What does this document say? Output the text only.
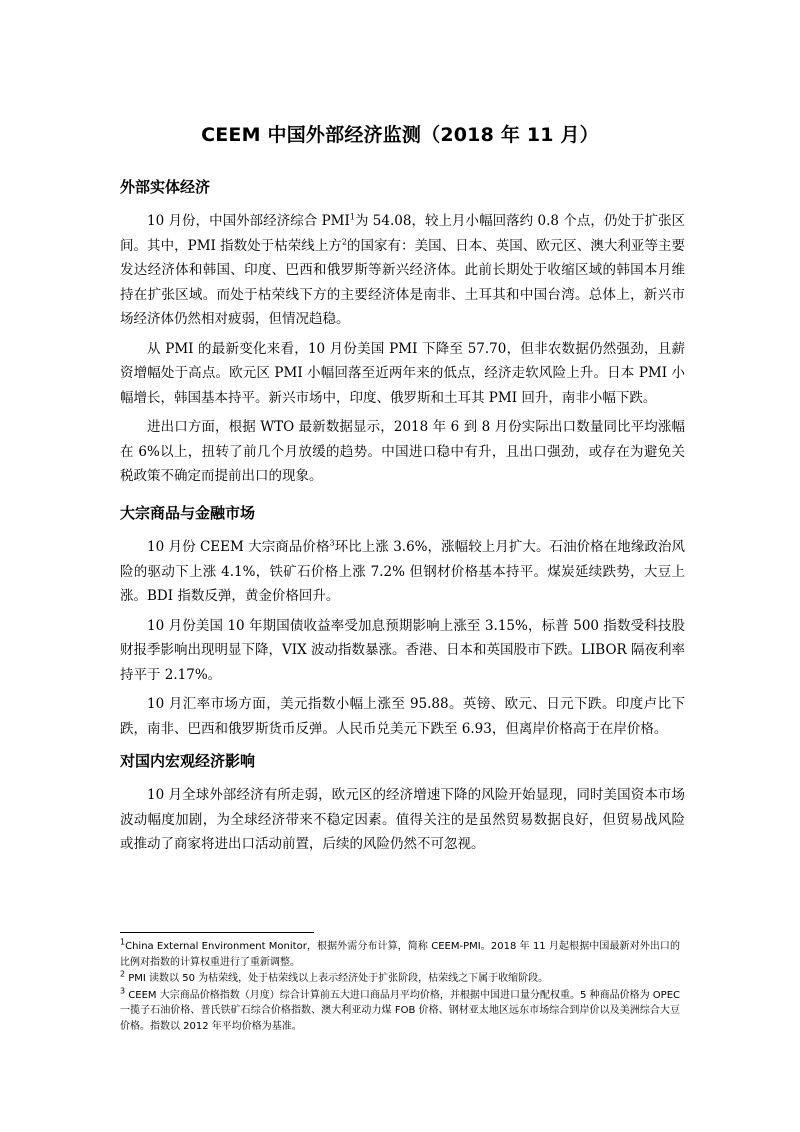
CEEM 中国外部经济监测（2018 年 11 月）
外部实体经济

10 月份，中国外部经济综合 PMI$^1$为 54.08，较上月小幅回落约 0.8 个点，仍处于扩张区间。其中，PMI 指数处于枯荣线上方$^2$的国家有：美国、日本、英国、欧元区、澳大利亚等主要发达经济体和韩国、印度、巴西和俄罗斯等新兴经济体。此前长期处于收缩区域的韩国本月维持在扩张区域。而处于枯荣线下方的主要经济体是南非、土耳其和中国台湾。总体上，新兴市场经济体仍然相对疲弱，但情况趋稳。

从 PMI 的最新变化来看，10 月份美国 PMI 下降至 57.70，但非农数据仍然强劲，且薪资增幅处于高点。欧元区 PMI 小幅回落至近两年来的低点，经济走软风险上升。日本 PMI 小幅增长，韩国基本持平。新兴市场中，印度、俄罗斯和土耳其 PMI 回升，南非小幅下跌。

进出口方面，根据 WTO 最新数据显示，2018 年 6 到 8 月份实际出口数量同比平均涨幅在 6%以上，扭转了前几个月放缓的趋势。中国进口稳中有升，且出口强劲，或存在为避免关税政策不确定而提前出口的现象。

大宗商品与金融市场

10 月份 CEEM 大宗商品价格$^3$环比上涨 3.6%，涨幅较上月扩大。石油价格在地缘政治风险的驱动下上涨 4.1%，铁矿石价格上涨 7.2% 但钢材价格基本持平。煤炭延续跌势，大豆上涨。BDI 指数反弹，黄金价格回升。

10 月份美国 10 年期国债收益率受加息预期影响上涨至 3.15%，标普 500 指数受科技股财报季影响出现明显下降，VIX 波动指数暴涨。香港、日本和英国股市下跌。LIBOR 隔夜利率持平于 2.17%。

10 月汇率市场方面，美元指数小幅上涨至 95.88。英镑、欧元、日元下跌。印度卢比下跌，南非、巴西和俄罗斯货币反弹。人民币兑美元下跌至 6.93，但离岸价格高于在岸价格。

对国内宏观经济影响

10 月全球外部经济有所走弱，欧元区的经济增速下降的风险开始显现，同时美国资本市场波动幅度加剧，为全球经济带来不稳定因素。值得关注的是虽然贸易数据良好，但贸易战风险或推动了商家将进出口活动前置，后续的风险仍然不可忽视。

$^1$China External Environment Monitor，根据外需分布计算，简称 CEEM-PMI。2018 年 11 月起根据中国最新对外出口的比例对指数的计算权重进行了重新调整。

$^2$ PMI 读数以 50 为枯荣线，处于枯荣线以上表示经济处于扩张阶段，枯荣线之下属于收缩阶段。

$^3$ CEEM 大宗商品价格指数（月度）综合计算前五大进口商品月平均价格，并根据中国进口量分配权重。5 种商品价格为 OPEC 一揽子石油价格、普氏铁矿石综合价格指数、澳大利亚动力煤 FOB 价格、钢材亚太地区远东市场综合到岸价以及美洲综合大豆价格。指数以 2012 年平均价格为基准。
